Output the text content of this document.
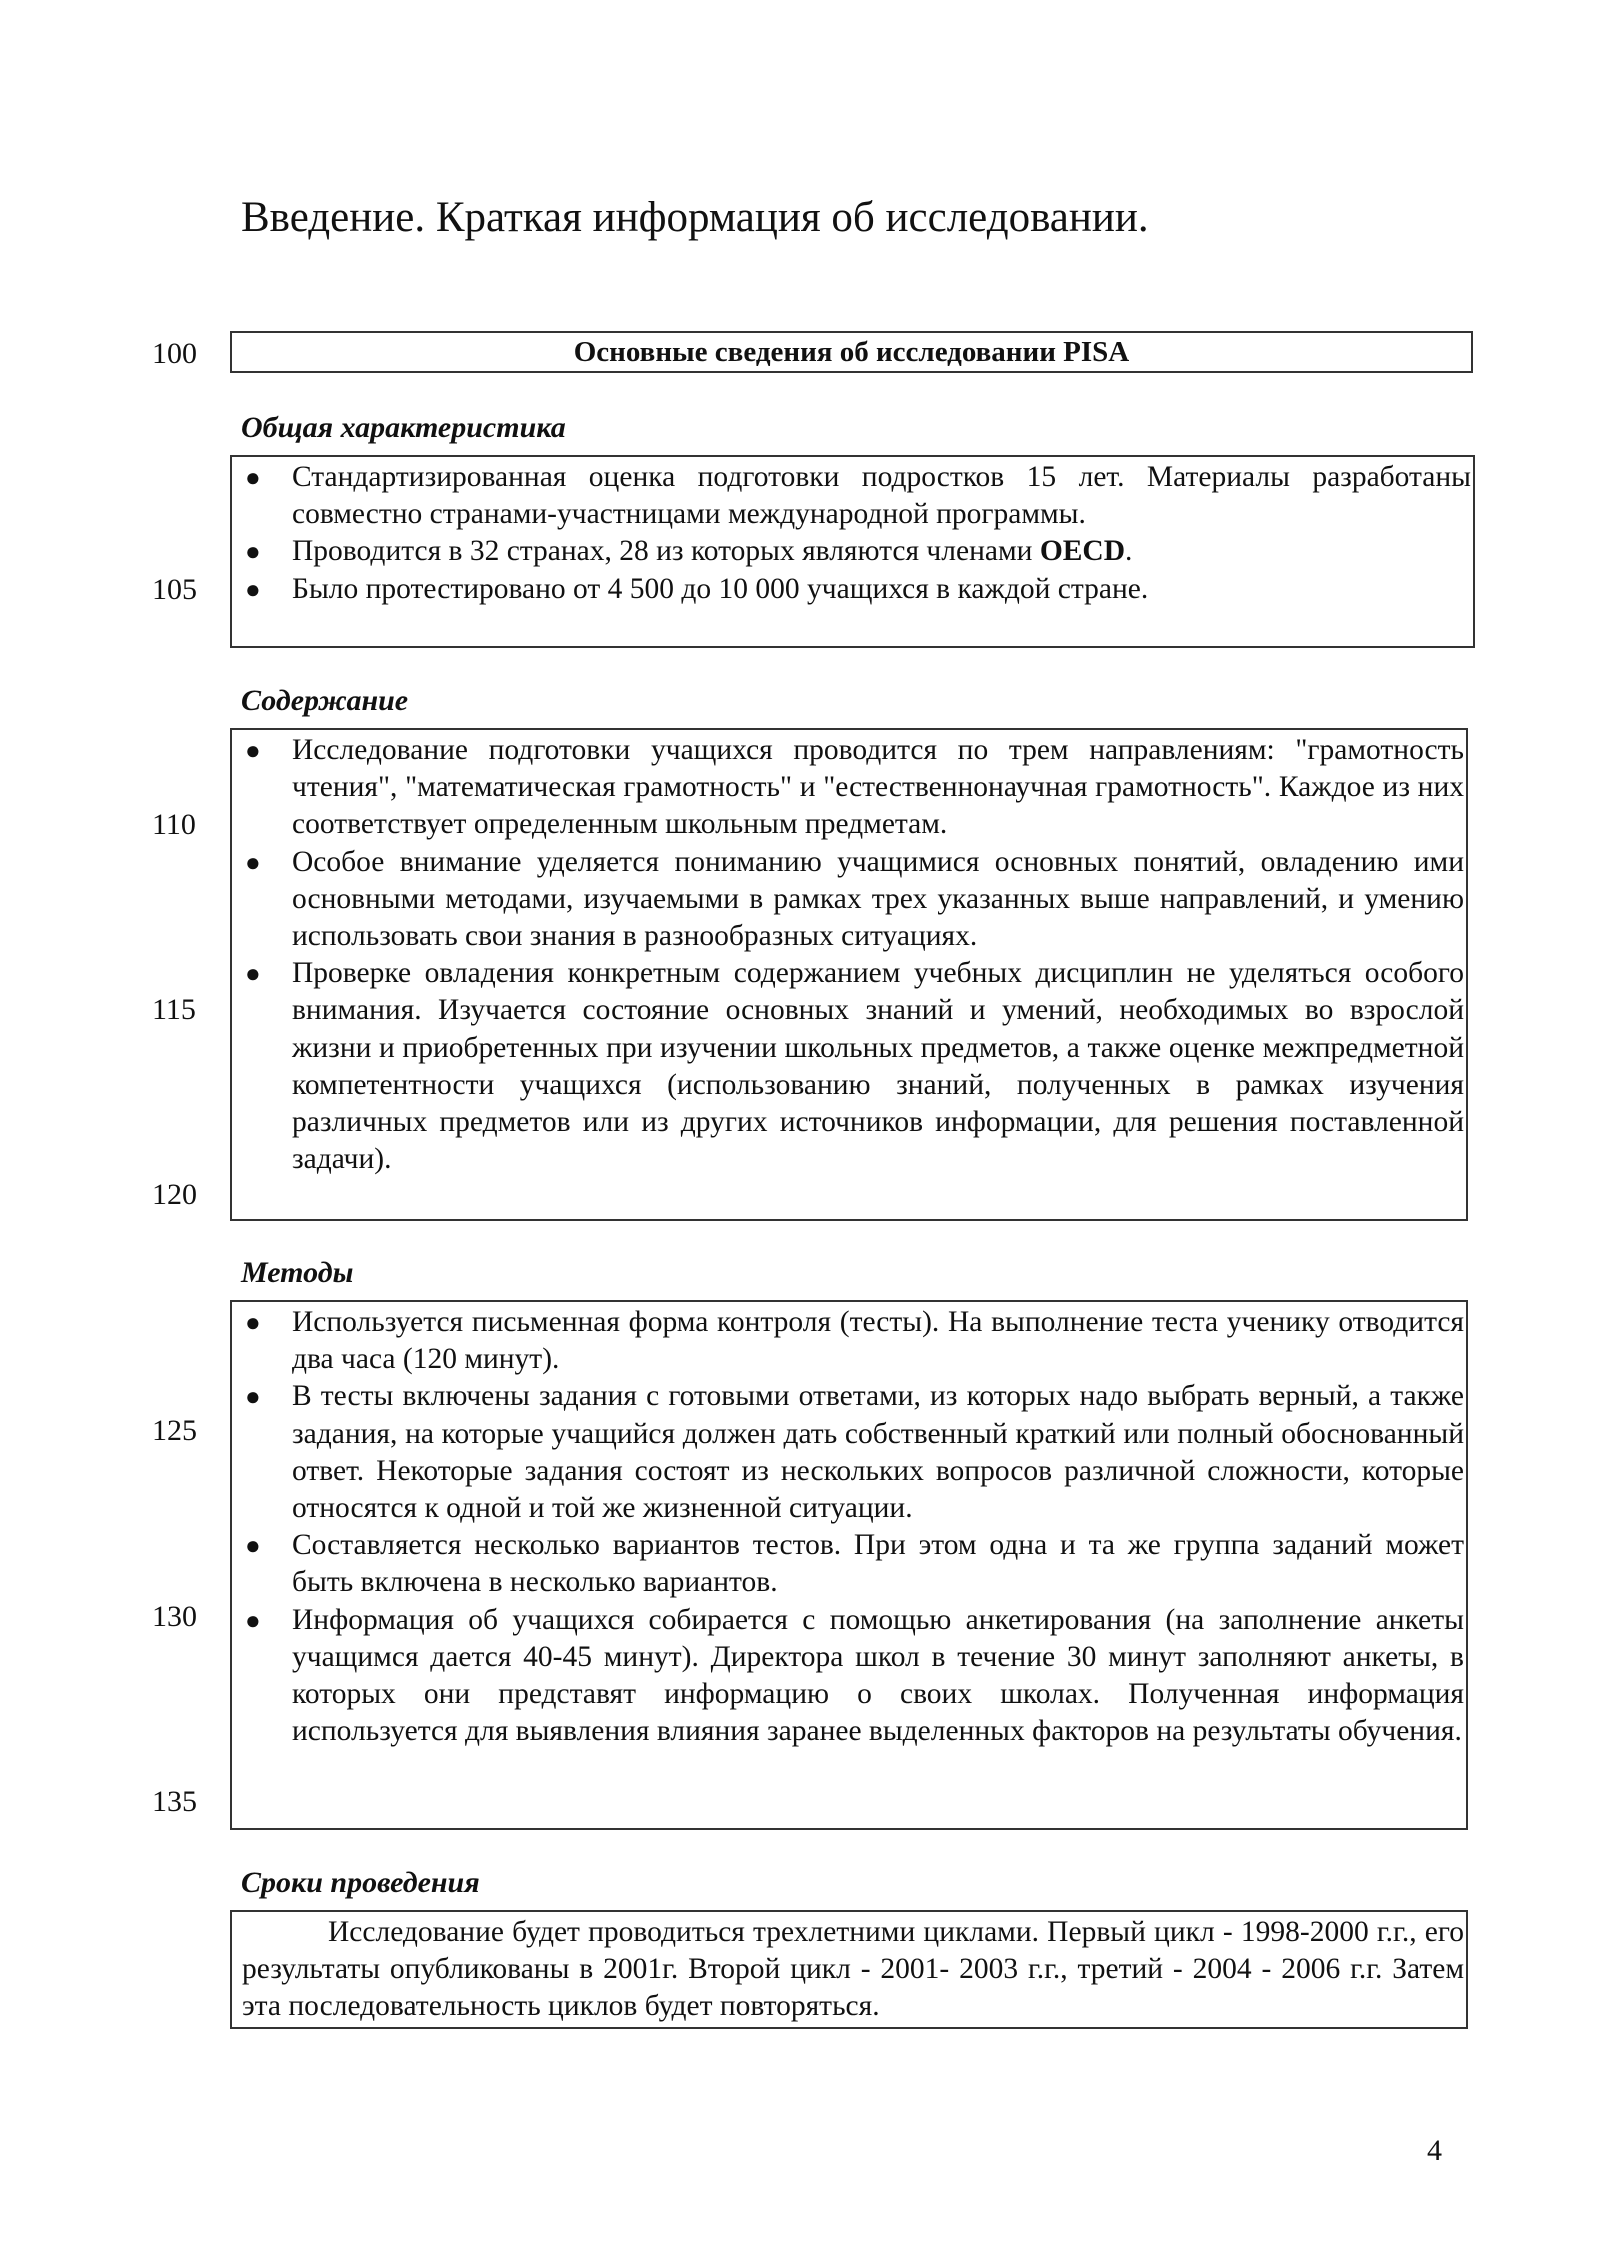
Введение. Краткая информация об исследовании.
100
105
110
115
120
125
130
135
Основные сведения об исследовании PISA
Общая характеристика
● Стандартизированная оценка подготовки подростков 15 лет. Материалы разработаны совместно странами-участницами международной программы.
● Проводится в 32 странах, 28 из которых являются членами OECD.
● Было протестировано от 4 500 до 10 000 учащихся в каждой стране.
Содержание
● Исследование подготовки учащихся проводится по трем направлениям: "грамотность чтения", "математическая грамотность" и "естественнонаучная грамотность". Каждое из них соответствует определенным школьным предметам.
● Особое внимание уделяется пониманию учащимися основных понятий, овладению ими основными методами, изучаемыми в рамках трех указанных выше направлений, и умению использовать свои знания в разнообразных ситуациях.
● Проверке овладения конкретным содержанием учебных дисциплин не уделяться особого внимания. Изучается состояние основных знаний и умений, необходимых во взрослой жизни и приобретенных при изучении школьных предметов, а также оценке межпредметной компетентности учащихся (использованию знаний, полученных в рамках изучения различных предметов или из других источников информации, для решения поставленной задачи).
Методы
● Используется письменная форма контроля (тесты). На выполнение теста ученику отводится два часа (120 минут).
● В тесты включены задания с готовыми ответами, из которых надо выбрать верный, а также задания, на которые учащийся должен дать собственный краткий или полный обоснованный ответ. Некоторые задания состоят из нескольких вопросов различной сложности, которые относятся к одной и той же жизненной ситуации.
● Составляется несколько вариантов тестов. При этом одна и та же группа заданий может быть включена в несколько вариантов.
● Информация об учащихся собирается с помощью анкетирования (на заполнение анкеты учащимся дается 40-45 минут). Директора школ в течение 30 минут заполняют анкеты, в которых они представят информацию о своих школах. Полученная информация используется для выявления влияния заранее выделенных факторов на результаты обучения.
Сроки проведения
Исследование будет проводиться трехлетними циклами. Первый цикл - 1998-2000 г.г., его результаты опубликованы в 2001г. Второй цикл - 2001- 2003 г.г., третий - 2004 - 2006 г.г. Затем эта последовательность циклов будет повторяться.
4
